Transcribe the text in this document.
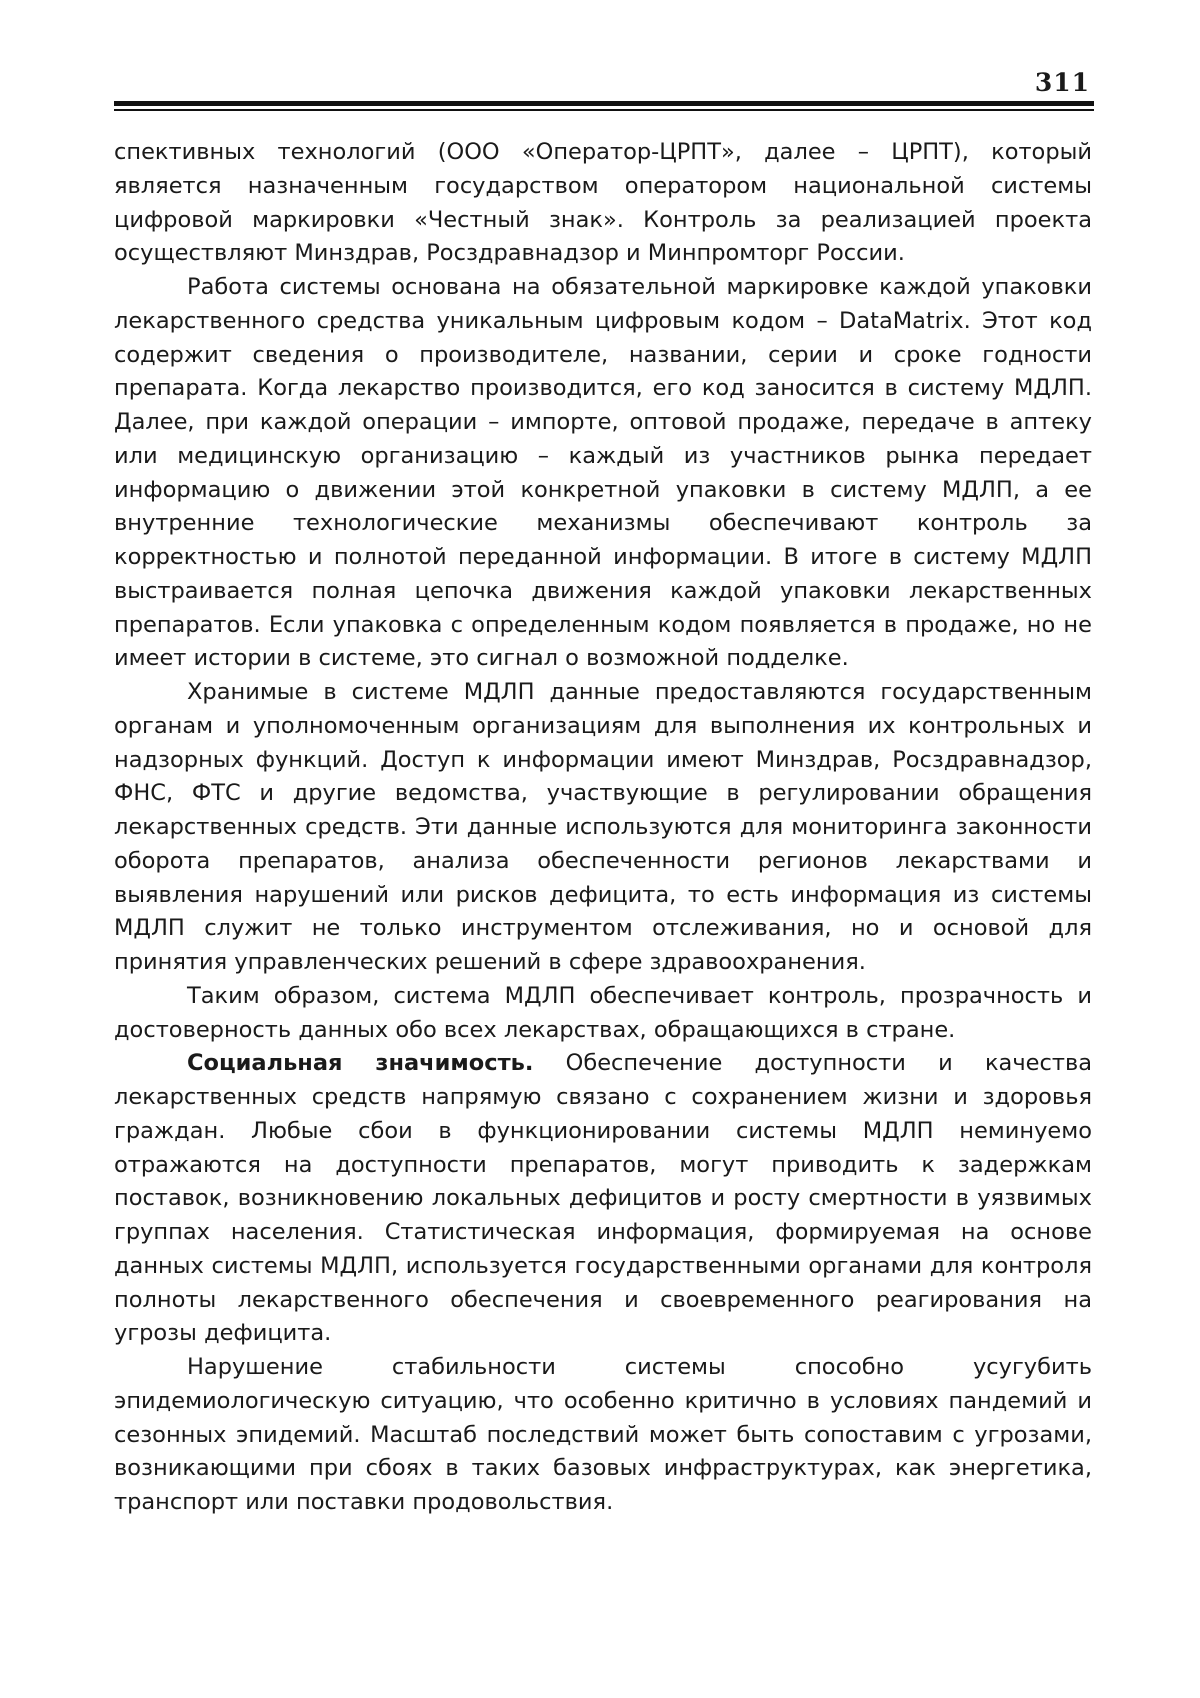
311

спективных технологий (ООО «Оператор-ЦРПТ», далее – ЦРПТ), который является назначенным государством оператором национальной системы цифровой маркировки «Честный знак». Контроль за реализацией проекта осуществляют Минздрав, Росздравнадзор и Минпромторг России.

Работа системы основана на обязательной маркировке каждой упаковки лекарственного средства уникальным цифровым кодом – DataMatrix. Этот код содержит сведения о производителе, названии, серии и сроке годности препарата. Когда лекарство производится, его код заносится в систему МДЛП. Далее, при каждой операции – импорте, оптовой продаже, передаче в аптеку или медицинскую организацию – каждый из участников рынка передает информацию о движении этой конкретной упаковки в систему МДЛП, а ее внутренние технологические механизмы обеспечивают контроль за корректностью и полнотой переданной информации. В итоге в систему МДЛП выстраивается полная цепочка движения каждой упаковки лекарственных препаратов. Если упаковка с определенным кодом появляется в продаже, но не имеет истории в системе, это сигнал о возможной подделке.

Хранимые в системе МДЛП данные предоставляются государственным органам и уполномоченным организациям для выполнения их контрольных и надзорных функций. Доступ к информации имеют Минздрав, Росздравнадзор, ФНС, ФТС и другие ведомства, участвующие в регулировании обращения лекарственных средств. Эти данные используются для мониторинга законности оборота препаратов, анализа обеспеченности регионов лекарствами и выявления нарушений или рисков дефицита, то есть информация из системы МДЛП служит не только инструментом отслеживания, но и основой для принятия управленческих решений в сфере здравоохранения.

Таким образом, система МДЛП обеспечивает контроль, прозрачность и достоверность данных обо всех лекарствах, обращающихся в стране.

Социальная значимость. Обеспечение доступности и качества лекарственных средств напрямую связано с сохранением жизни и здоровья граждан. Любые сбои в функционировании системы МДЛП неминуемо отражаются на доступности препаратов, могут приводить к задержкам поставок, возникновению локальных дефицитов и росту смертности в уязвимых группах населения. Статистическая информация, формируемая на основе данных системы МДЛП, используется государственными органами для контроля полноты лекарственного обеспечения и своевременного реагирования на угрозы дефицита.

Нарушение стабильности системы способно усугубить эпидемиологическую ситуацию, что особенно критично в условиях пандемий и сезонных эпидемий. Масштаб последствий может быть сопоставим с угрозами, возникающими при сбоях в таких базовых инфраструктурах, как энергетика, транспорт или поставки продовольствия.
